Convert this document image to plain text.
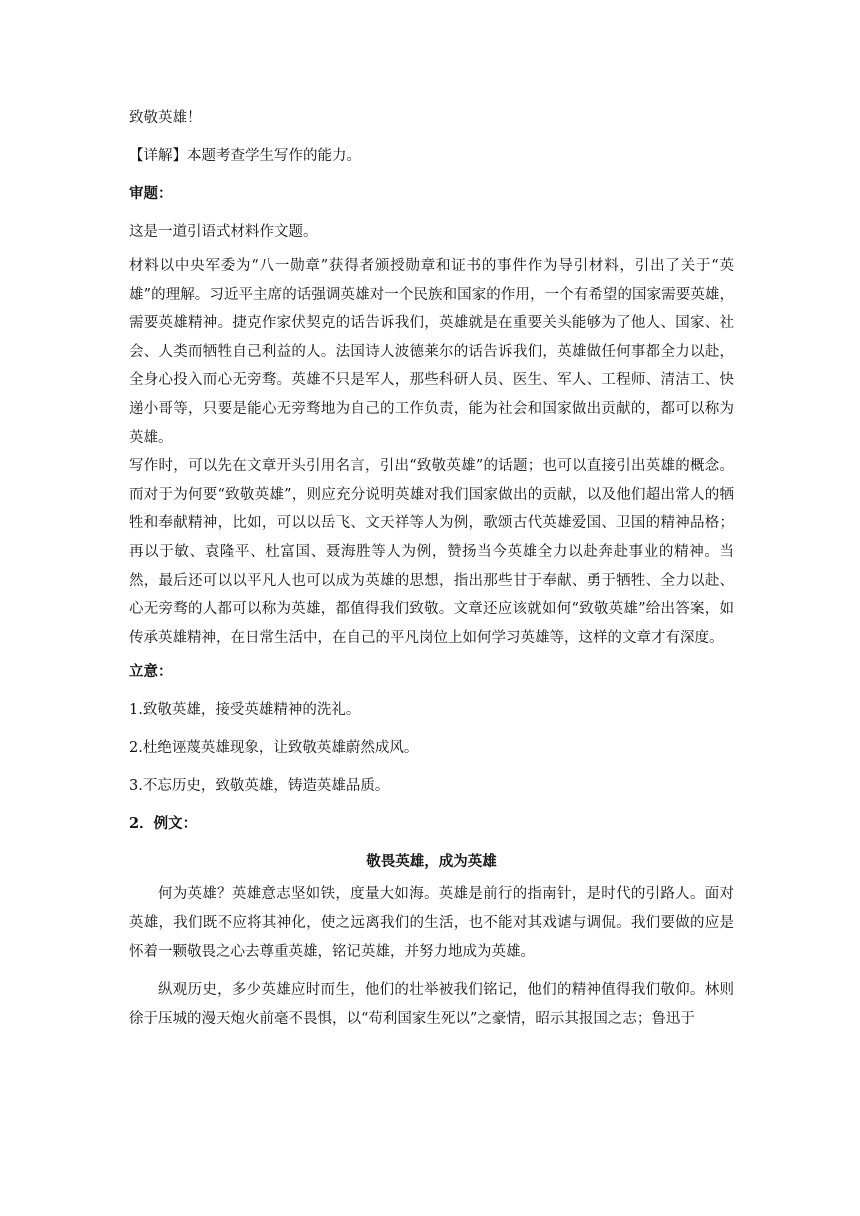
致敬英雄！

【详解】本题考查学生写作的能力。

审题：

这是一道引语式材料作文题。

材料以中央军委为“八一勋章”获得者颁授勋章和证书的事件作为导引材料，引出了关于“英雄”的理解。习近平主席的话强调英雄对一个民族和国家的作用，一个有希望的国家需要英雄，需要英雄精神。捷克作家伏契克的话告诉我们，英雄就是在重要关头能够为了他人、国家、社会、人类而牺牲自己利益的人。法国诗人波德莱尔的话告诉我们，英雄做任何事都全力以赴，全身心投入而心无旁骛。英雄不只是军人，那些科研人员、医生、军人、工程师、清洁工、快递小哥等，只要是能心无旁骛地为自己的工作负责，能为社会和国家做出贡献的，都可以称为英雄。

写作时，可以先在文章开头引用名言，引出“致敬英雄”的话题；也可以直接引出英雄的概念。而对于为何要“致敬英雄”，则应充分说明英雄对我们国家做出的贡献，以及他们超出常人的牺牲和奉献精神，比如，可以以岳飞、文天祥等人为例，歌颂古代英雄爱国、卫国的精神品格；再以于敏、袁隆平、杜富国、聂海胜等人为例，赞扬当今英雄全力以赴奔赴事业的精神。当然，最后还可以以平凡人也可以成为英雄的思想，指出那些甘于奉献、勇于牺牲、全力以赴、心无旁骛的人都可以称为英雄，都值得我们致敬。文章还应该就如何“致敬英雄”给出答案，如传承英雄精神，在日常生活中，在自己的平凡岗位上如何学习英雄等，这样的文章才有深度。

立意：

1.致敬英雄，接受英雄精神的洗礼。

2.杜绝诬蔑英雄现象，让致敬英雄蔚然成风。

3.不忘历史，致敬英雄，铸造英雄品质。

2．例文：

敬畏英雄，成为英雄

何为英雄？英雄意志坚如铁，度量大如海。英雄是前行的指南针，是时代的引路人。面对英雄，我们既不应将其神化，使之远离我们的生活，也不能对其戏谑与调侃。我们要做的应是怀着一颗敬畏之心去尊重英雄，铭记英雄，并努力地成为英雄。

纵观历史，多少英雄应时而生，他们的壮举被我们铭记，他们的精神值得我们敬仰。林则徐于压城的漫天炮火前毫不畏惧，以“苟利国家生死以”之豪情，昭示其报国之志；鲁迅于
